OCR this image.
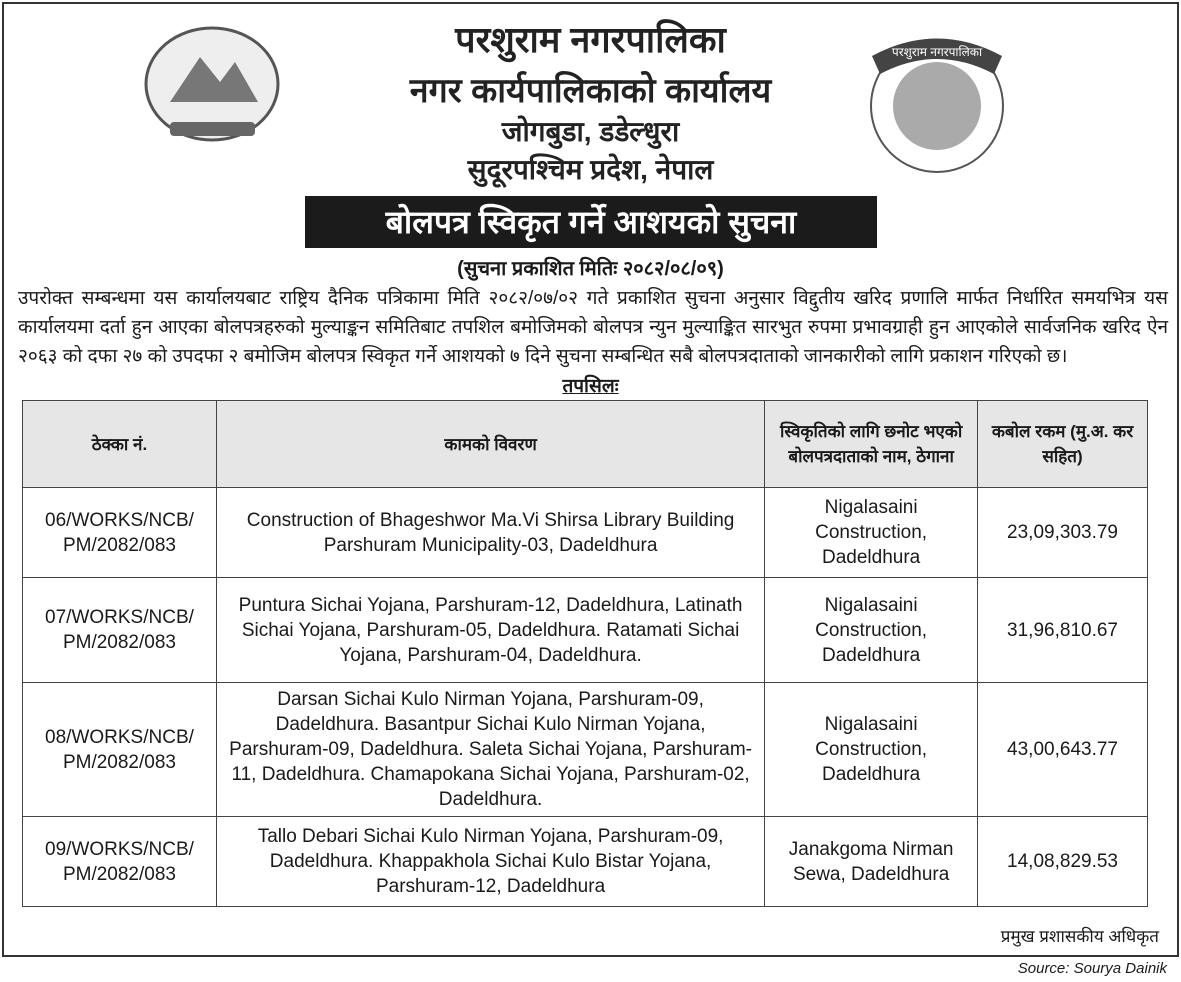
परशुराम नगरपालिका
परशुराम नगरपालिका
नगर कार्यपालिकाको कार्यालय
जोगबुडा, डडेल्धुरा
सुदूरपश्चिम प्रदेश, नेपाल
बोलपत्र स्विकृत गर्ने आशयको सुचना
(सुचना प्रकाशित मितिः २०८२/०८/०९)
उपरोक्त सम्बन्धमा यस कार्यालयबाट राष्ट्रिय दैनिक पत्रिकामा मिति २०८२/०७/०२ गते प्रकाशित सुचना अनुसार विद्दुतीय खरिद प्रणालि मार्फत निर्धारित समयभित्र यस कार्यालयमा दर्ता हुन आएका बोलपत्रहरुको मुल्याङ्कन समितिबाट तपशिल बमोजिमको बोलपत्र न्युन मुल्याङ्कित सारभुत रुपमा प्रभावग्राही हुन आएकोले सार्वजनिक खरिद ऐन २०६३ को दफा २७ को उपदफा २ बमोजिम बोलपत्र स्विकृत गर्ने आशयको ७ दिने सुचना सम्बन्धित सबै बोलपत्रदाताको जानकारीको लागि प्रकाशन गरिएको छ।
तपसिलः
ठेक्का नं.	कामको विवरण	स्विकृतिको लागि छनोट भएको बोलपत्रदाताको नाम, ठेगाना	कबोल रकम (मु.अ. कर सहित)
06/WORKS/NCB/ PM/2082/083	Construction of Bhageshwor Ma.Vi Shirsa Library Building Parshuram Municipality-03, Dadeldhura	Nigalasaini Construction, Dadeldhura	23,09,303.79
07/WORKS/NCB/ PM/2082/083	Puntura Sichai Yojana, Parshuram-12, Dadeldhura, Latinath Sichai Yojana, Parshuram-05, Dadeldhura. Ratamati Sichai Yojana, Parshuram-04, Dadeldhura.	Nigalasaini Construction, Dadeldhura	31,96,810.67
08/WORKS/NCB/ PM/2082/083	Darsan Sichai Kulo Nirman Yojana, Parshuram-09, Dadeldhura. Basantpur Sichai Kulo Nirman Yojana, Parshuram-09, Dadeldhura. Saleta Sichai Yojana, Parshuram-11, Dadeldhura. Chamapokana Sichai Yojana, Parshuram-02, Dadeldhura.	Nigalasaini Construction, Dadeldhura	43,00,643.77
09/WORKS/NCB/ PM/2082/083	Tallo Debari Sichai Kulo Nirman Yojana, Parshuram-09, Dadeldhura. Khappakhola Sichai Kulo Bistar Yojana, Parshuram-12, Dadeldhura	Janakgoma Nirman Sewa, Dadeldhura	14,08,829.53
प्रमुख प्रशासकीय अधिकृत
Source: Sourya Dainik
